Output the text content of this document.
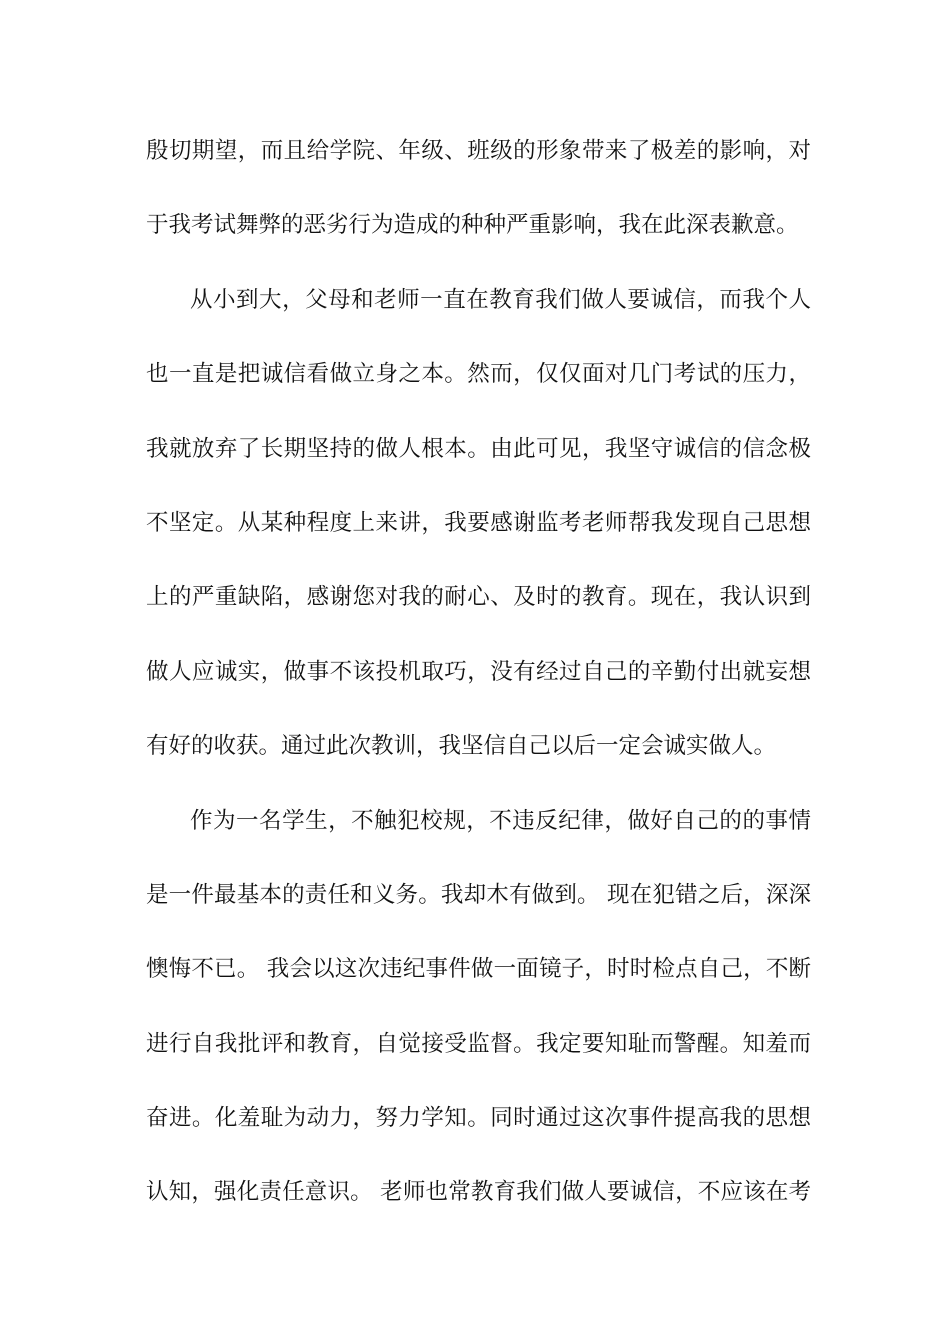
殷切期望，而且给学院、年级、班级的形象带来了极差的影响，对
于我考试舞弊的恶劣行为造成的种种严重影响，我在此深表歉意。
从小到大，父母和老师一直在教育我们做人要诚信，而我个人
也一直是把诚信看做立身之本。然而，仅仅面对几门考试的压力，
我就放弃了长期坚持的做人根本。由此可见，我坚守诚信的信念极
不坚定。从某种程度上来讲，我要感谢监考老师帮我发现自己思想
上的严重缺陷，感谢您对我的耐心、及时的教育。现在，我认识到
做人应诚实，做事不该投机取巧，没有经过自己的辛勤付出就妄想
有好的收获。通过此次教训，我坚信自己以后一定会诚实做人。
作为一名学生，不触犯校规，不违反纪律，做好自己的的事情
是一件最基本的责任和义务。我却木有做到。 现在犯错之后，深深
懊悔不已。 我会以这次违纪事件做一面镜子，时时检点自己，不断
进行自我批评和教育，自觉接受监督。我定要知耻而警醒。知羞而
奋进。化羞耻为动力，努力学知。同时通过这次事件提高我的思想
认知，强化责任意识。 老师也常教育我们做人要诚信，不应该在考
